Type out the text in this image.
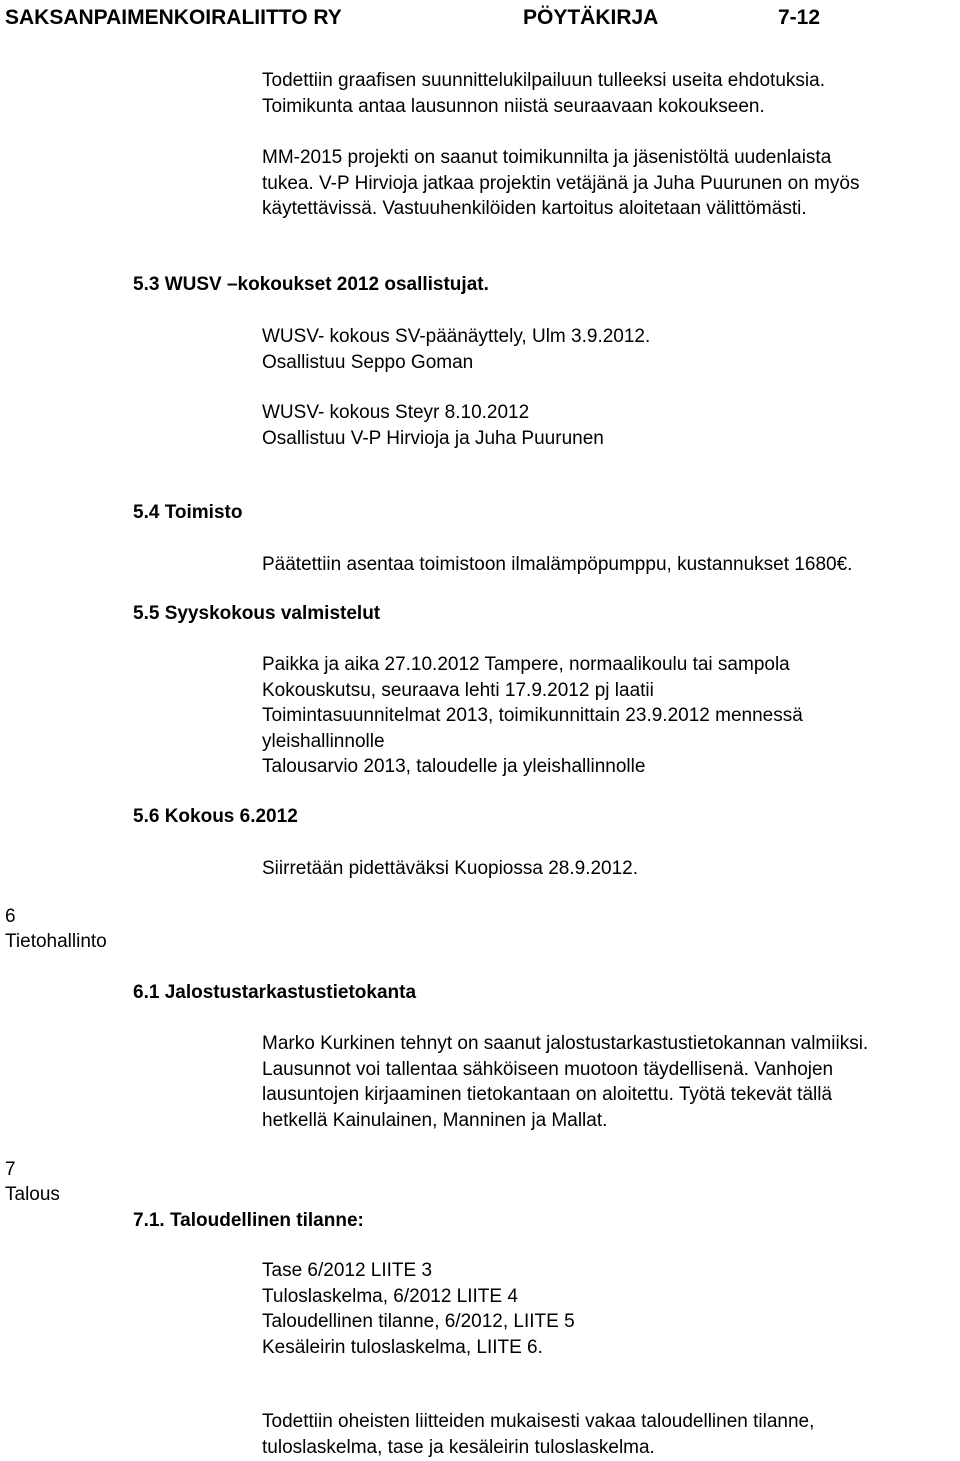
SAKSANPAIMENKOIRALIITTO RY	PÖYTÄKIRJA	7-12
Todettiin graafisen suunnittelukilpailuun tulleeksi useita ehdotuksia.
Toimikunta antaa lausunnon niistä seuraavaan kokoukseen.
MM-2015 projekti on saanut toimikunnilta ja jäsenistöltä uudenlaista
tukea. V-P Hirvioja jatkaa projektin vetäjänä ja Juha Puurunen on myös
käytettävissä. Vastuuhenkilöiden kartoitus aloitetaan välittömästi.
5.3 WUSV –kokoukset 2012 osallistujat.
WUSV- kokous SV-päänäyttely, Ulm 3.9.2012.
Osallistuu Seppo Goman
WUSV- kokous Steyr 8.10.2012
Osallistuu V-P Hirvioja ja Juha Puurunen
5.4 Toimisto
Päätettiin asentaa toimistoon ilmalämpöpumppu, kustannukset 1680€.
5.5 Syyskokous valmistelut
Paikka ja aika 27.10.2012 Tampere, normaalikoulu tai sampola
Kokouskutsu, seuraava lehti 17.9.2012 pj laatii
Toimintasuunnitelmat 2013, toimikunnittain 23.9.2012 mennessä
yleishallinnolle
Talousarvio 2013, taloudelle ja yleishallinnolle
5.6 Kokous 6.2012
Siirretään pidettäväksi Kuopiossa 28.9.2012.
6
Tietohallinto
6.1 Jalostustarkastustietokanta
Marko Kurkinen tehnyt on saanut jalostustarkastustietokannan valmiiksi.
Lausunnot voi tallentaa sähköiseen muotoon täydellisenä. Vanhojen
lausuntojen kirjaaminen tietokantaan on aloitettu. Työtä tekevät tällä
hetkellä Kainulainen, Manninen ja Mallat.
7
Talous
7.1. Taloudellinen tilanne:
Tase 6/2012 LIITE 3
Tuloslaskelma, 6/2012 LIITE 4
Taloudellinen tilanne, 6/2012, LIITE 5
Kesäleirin tuloslaskelma, LIITE 6.
Todettiin oheisten liitteiden mukaisesti vakaa taloudellinen tilanne,
tuloslaskelma, tase ja kesäleirin tuloslaskelma.
